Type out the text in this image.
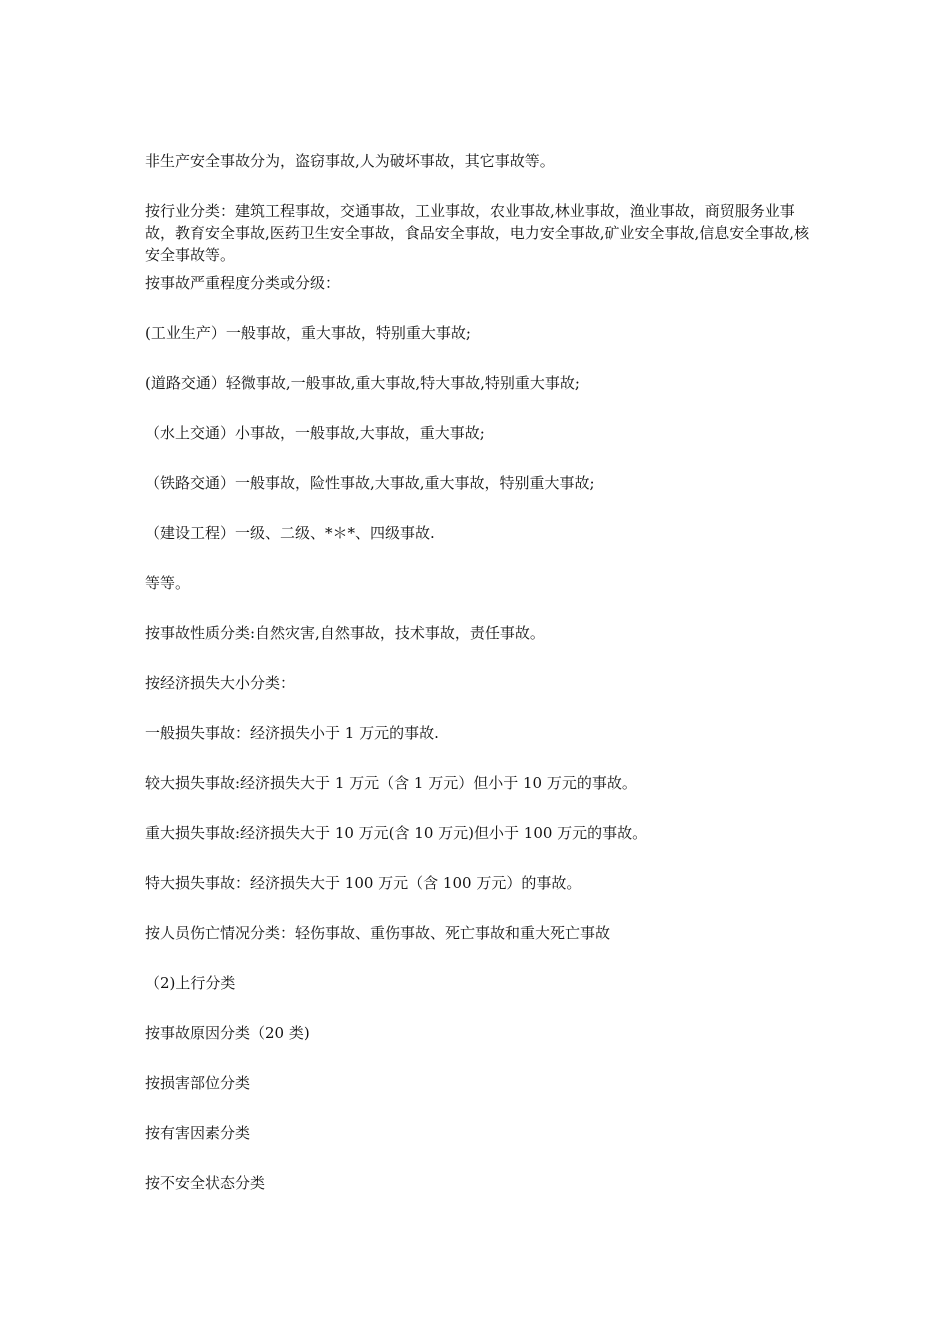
非生产安全事故分为，盗窃事故,人为破坏事故，其它事故等。

按行业分类：建筑工程事故，交通事故，工业事故，农业事故,林业事故，渔业事故，商贸服务业事故，教育安全事故,医药卫生安全事故，食品安全事故，电力安全事故,矿业安全事故,信息安全事故,核安全事故等。

按事故严重程度分类或分级：

(工业生产）一般事故，重大事故，特别重大事故;

(道路交通）轻微事故,一般事故,重大事故,特大事故,特别重大事故;

（水上交通）小事故，一般事故,大事故，重大事故;

（铁路交通）一般事故，险性事故,大事故,重大事故，特别重大事故;

（建设工程）一级、二级、*＊*、四级事故.

等等。

按事故性质分类:自然灾害,自然事故，技术事故，责任事故。

按经济损失大小分类：

一般损失事故：经济损失小于 1 万元的事故.

较大损失事故:经济损失大于 1 万元（含 1 万元）但小于 10 万元的事故。

重大损失事故:经济损失大于 10 万元(含 10 万元)但小于 100 万元的事故。

特大损失事故：经济损失大于 100 万元（含 100 万元）的事故。

按人员伤亡情况分类：轻伤事故、重伤事故、死亡事故和重大死亡事故

（2)上行分类

按事故原因分类（20 类)

按损害部位分类

按有害因素分类

按不安全状态分类
